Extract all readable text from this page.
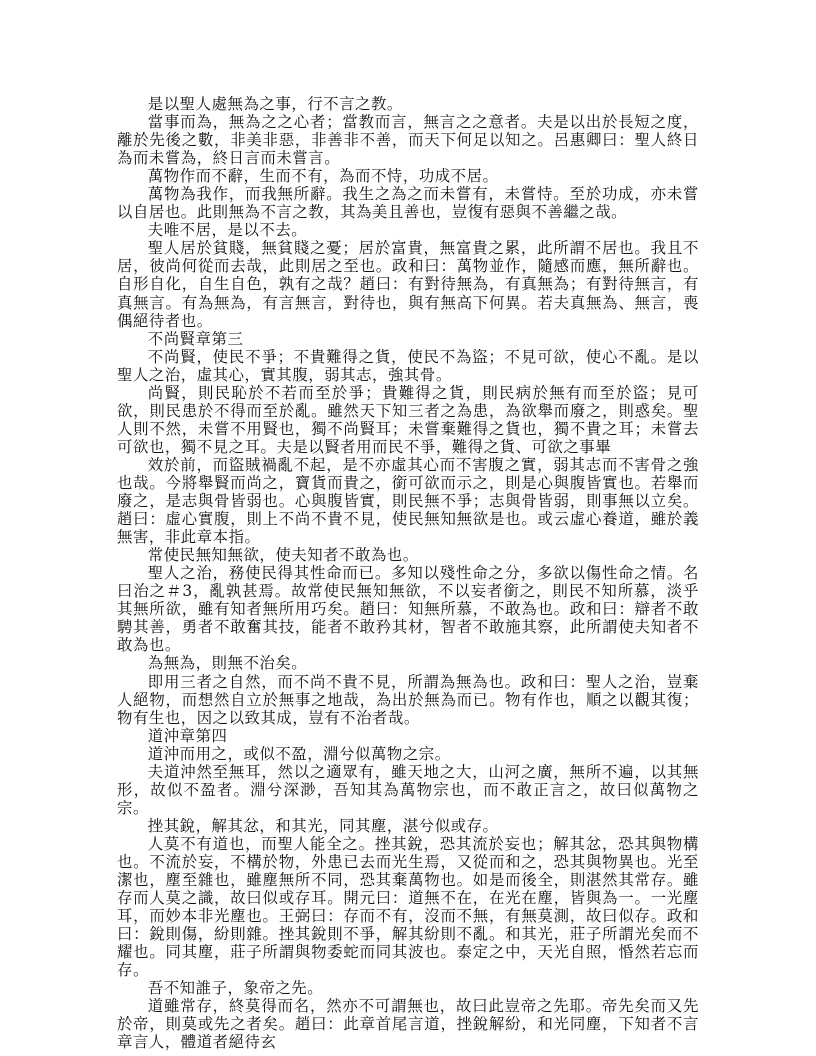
是以聖人處無為之事，行不言之教。

當事而為，無為之之心者；當教而言，無言之之意者。夫是以出於長短之度，離於先後之數，非美非惡，非善非不善，而天下何足以知之。呂惠卿曰：聖人終日為而未嘗為，終日言而未嘗言。

萬物作而不辭，生而不有，為而不恃，功成不居。

萬物為我作，而我無所辭。我生之為之而未嘗有，未嘗恃。至於功成，亦未嘗以自居也。此則無為不言之教，其為美且善也，豈復有惡與不善繼之哉。

夫唯不居，是以不去。

聖人居於貧賤，無貧賤之憂；居於富貴，無富貴之累，此所謂不居也。我且不居，彼尚何從而去哉，此則居之至也。政和曰：萬物並作，隨感而應，無所辭也。自形自化，自生自色，孰有之哉？趙曰：有對待無為，有真無為；有對待無言，有真無言。有為無為，有言無言，對待也，與有無高下何異。若夫真無為、無言，喪偶絕待者也。

不尚賢章第三

不尚賢，使民不爭；不貴難得之貨，使民不為盜；不見可欲，使心不亂。是以聖人之治，虛其心，實其腹，弱其志，強其骨。

尚賢，則民恥於不若而至於爭；貴難得之貨，則民病於無有而至於盜；見可欲，則民患於不得而至於亂。雖然天下知三者之為患，為欲舉而廢之，則惑矣。聖人則不然，未嘗不用賢也，獨不尚賢耳；未嘗棄難得之貨也，獨不貴之耳；未嘗去可欲也，獨不見之耳。夫是以賢者用而民不爭，難得之貨、可欲之事畢

效於前，而盜賊禍亂不起，是不亦虛其心而不害腹之實，弱其志而不害骨之強也哉。今將舉賢而尚之，寶貨而貴之，銜可欲而示之，則是心與腹皆實也。若舉而廢之，是志與骨皆弱也。心與腹皆實，則民無不爭；志與骨皆弱，則事無以立矣。趙曰：虛心實腹，則上不尚不貴不見，使民無知無欲是也。或云虛心養道，雖於義無害，非此章本指。

常使民無知無欲，使夫知者不敢為也。

聖人之治，務使民得其性命而已。多知以殘性命之分，多欲以傷性命之情。名曰治之＃3，亂孰甚焉。故常使民無知無欲，不以妄者銜之，則民不知所慕，淡乎其無所欲，雖有知者無所用巧矣。趙曰：知無所慕，不敢為也。政和曰：辯者不敢騁其善，勇者不敢奮其技，能者不敢矜其材，智者不敢施其察，此所謂使夫知者不敢為也。

為無為，則無不治矣。

即用三者之自然，而不尚不貴不見，所謂為無為也。政和曰：聖人之治，豈棄人絕物，而想然自立於無事之地哉，為出於無為而已。物有作也，順之以觀其復；物有生也，因之以致其成，豈有不治者哉。

道沖章第四

道沖而用之，或似不盈，淵兮似萬物之宗。

夫道沖然至無耳，然以之適眾有，雖天地之大，山河之廣，無所不遍，以其無形，故似不盈者。淵兮深渺，吾知其為萬物宗也，而不敢正言之，故曰似萬物之宗。

挫其銳，解其忿，和其光，同其塵，湛兮似或存。

人莫不有道也，而聖人能全之。挫其銳，恐其流於妄也；解其忿，恐其與物構也。不流於妄，不構於物，外患已去而光生焉，又從而和之，恐其與物異也。光至潔也，塵至雜也，雖塵無所不同，恐其棄萬物也。如是而後全，則湛然其常存。雖存而人莫之識，故曰似或存耳。開元曰：道無不在，在光在塵，皆與為一。一光塵耳，而妙本非光塵也。王弼曰：存而不有，沒而不無，有無莫測，故曰似存。政和曰：銳則傷，紛則雜。挫其銳則不爭，解其紛則不亂。和其光，莊子所謂光矣而不耀也。同其塵，莊子所謂與物委蛇而同其波也。泰定之中，天光自照，惛然若忘而存。

吾不知誰子，象帝之先。

道雖常存，終莫得而名，然亦不可謂無也，故曰此豈帝之先耶。帝先矣而又先於帝，則莫或先之者矣。趙曰：此章首尾言道，挫銳解紛，和光同塵，下知者不言章言人，體道者絕待玄
